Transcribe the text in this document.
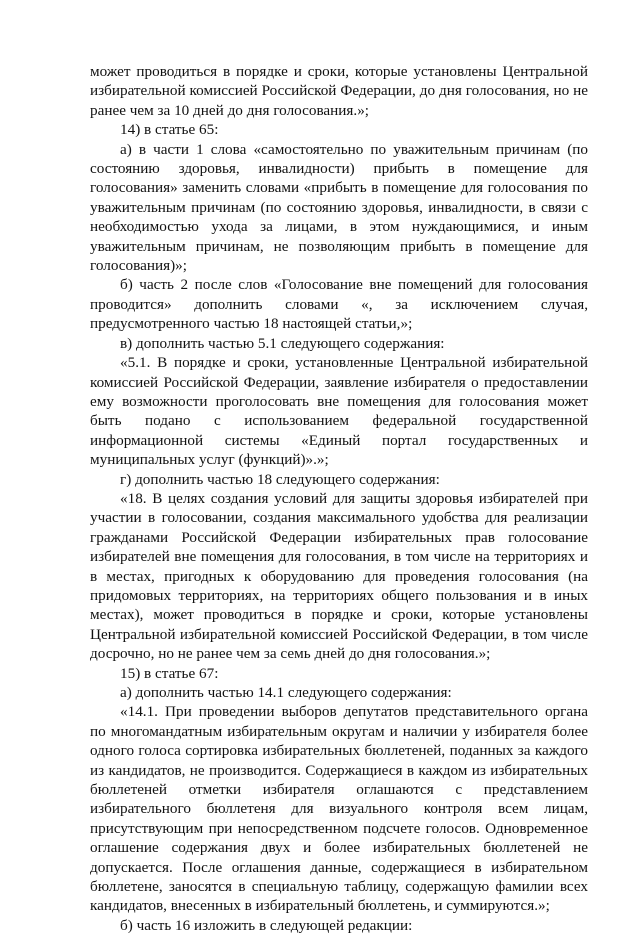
может проводиться в порядке и сроки, которые установлены Центральной избирательной комиссией Российской Федерации, до дня голосования, но не ранее чем за 10 дней до дня голосования.»;

14) в статье 65:

а) в части 1 слова «самостоятельно по уважительным причинам (по состоянию здоровья, инвалидности) прибыть в помещение для голосования» заменить словами «прибыть в помещение для голосования по уважительным причинам (по состоянию здоровья, инвалидности, в связи с необходимостью ухода за лицами, в этом нуждающимися, и иным уважительным причинам, не позволяющим прибыть в помещение для голосования)»;

б) часть 2 после слов «Голосование вне помещений для голосования проводится» дополнить словами «, за исключением случая, предусмотренного частью 18 настоящей статьи,»;

в) дополнить частью 5.1 следующего содержания:

«5.1. В порядке и сроки, установленные Центральной избирательной комиссией Российской Федерации, заявление избирателя о предоставлении ему возможности проголосовать вне помещения для голосования может быть подано с использованием федеральной государственной информационной системы «Единый портал государственных и муниципальных услуг (функций)».»;

г) дополнить частью 18 следующего содержания:

«18. В целях создания условий для защиты здоровья избирателей при участии в голосовании, создания максимального удобства для реализации гражданами Российской Федерации избирательных прав голосование избирателей вне помещения для голосования, в том числе на территориях и в местах, пригодных к оборудованию для проведения голосования (на придомовых территориях, на территориях общего пользования и в иных местах), может проводиться в порядке и сроки, которые установлены Центральной избирательной комиссией Российской Федерации, в том числе досрочно, но не ранее чем за семь дней до дня голосования.»;

15) в статье 67:

а) дополнить частью 14.1 следующего содержания:

«14.1. При проведении выборов депутатов представительного органа по многомандатным избирательным округам и наличии у избирателя более одного голоса сортировка избирательных бюллетеней, поданных за каждого из кандидатов, не производится. Содержащиеся в каждом из избирательных бюллетеней отметки избирателя оглашаются с представлением избирательного бюллетеня для визуального контроля всем лицам, присутствующим при непосредственном подсчете голосов. Одновременное оглашение содержания двух и более избирательных бюллетеней не допускается. После оглашения данные, содержащиеся в избирательном бюллетене, заносятся в специальную таблицу, содержащую фамилии всех кандидатов, внесенных в избирательный бюллетень, и суммируются.»;

б) часть 16 изложить в следующей редакции:
